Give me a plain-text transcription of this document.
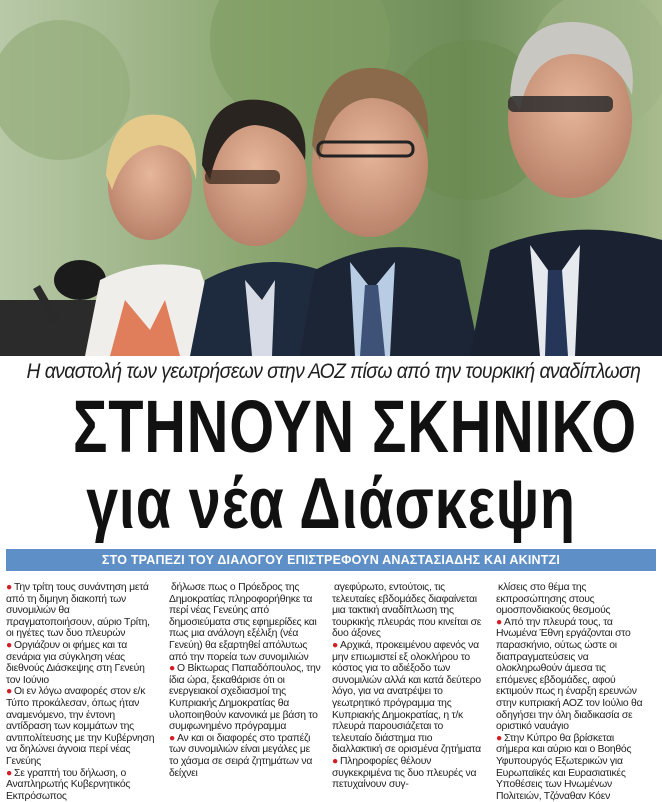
Η αναστολή των γεωτρήσεων στην ΑΟΖ πίσω από την τουρκική αναδίπλωση
ΣΤΗΝΟΥΝ ΣΚΗΝΙΚΟ
για νέα Διάσκεψη
ΣΤΟ ΤΡΑΠΕΖΙ ΤΟΥ ΔΙΑΛΟΓΟΥ ΕΠΙΣΤΡΕΦΟΥΝ ΑΝΑΣΤΑΣΙΑΔΗΣ ΚΑΙ ΑΚΙΝΤΖΙ

● Την τρίτη τους συνάντηση μετά από τη διμηνη διακοπή των συνομιλιών θα πραγματοποιήσουν, αύριο Τρίτη, οι ηγέτες των δυο πλευρών

● Οργιάζουν οι φήμες και τα σενάρια για σύγκληση νέας διεθνούς Διάσκεψης στη Γενεύη τον Ιούνιο

● Οι εν λόγω αναφορές στον ε/κ Τύπο προκάλεσαν, όπως ήταν αναμενόμενο, την έντονη αντίδραση των κομμάτων της αντιπολίτευσης με την Κυβέρνηση να δηλώνει άγνοια περί νέας Γενεύης

● Σε γραπτή του δήλωση, ο Αναπληρωτής Κυβερνητικός Εκπρόσωπος

δήλωσε πως ο Πρόεδρος της Δημοκρατίας πληροφορήθηκε τα περί νέας Γενεύης από δημοσιεύματα στις εφημερίδες και πως μια ανάλογη εξέλιξη (νέα Γενεύη) θα εξαρτηθεί απόλυτως από την πορεία των συνομιλιών

● Ο Βίκτωρας Παπαδόπουλος, την ίδια ώρα, ξεκαθάρισε ότι οι ενεργειακοί σχεδιασμοί της Κυπριακής Δημοκρατίας θα υλοποιηθούν κανονικά με βάση το συμφωνημένο πρόγραμμα

● Αν και οι διαφορές στο τραπέζι των συνομιλιών είναι μεγάλες με το χάσμα σε σειρά ζητημάτων να δείχνει

αγεφύρωτο, εντούτοις, τις τελευταίες εβδομάδες διαφαίνεται μια τακτική αναδίπλωση της τουρκικής πλευράς που κινείται σε δυο άξονες

● Αρχικά, προκειμένου αφενός να μην επιωμιστεί εξ ολοκλήρου το κόστος για το αδιέξοδο των συνομιλιών αλλά και κατά δεύτερο λόγο, για να ανατρέψει το γεωτρητικό πρόγραμμα της Κυπριακής Δημοκρατίας, η τ/κ πλευρά παρουσιάζεται το τελευταίο διάστημα πιο διαλλακτική σε ορισμένα ζητήματα

● Πληροφορίες θέλουν συγκεκριμένα τις δυο πλευρές να πετυχαίνουν συγ-

κλίσεις στο θέμα της εκπροσώπησης στους ομοσπονδιακούς θεσμούς

● Από την πλευρά τους, τα Ηνωμένα Έθνη εργάζονται στο παρασκήνιο, ούτως ώστε οι διαπραγματεύσεις να ολοκληρωθούν άμεσα τις επόμενες εβδομάδες, αφού εκτιμούν πως η έναρξη ερευνών στην κυπριακή ΑΟΖ τον Ιούλιο θα οδηγήσει την όλη διαδικασία σε οριστικό ναυάγιο

● Στην Κύπρο θα βρίσκεται σήμερα και αύριο και ο Βοηθός Υφυπουργός Εξωτερικών για Ευρωπαϊκές και Ευρασιατικές Υποθέσεις των Ηνωμένων Πολιτειών, Τζόναθαν Κόεν
